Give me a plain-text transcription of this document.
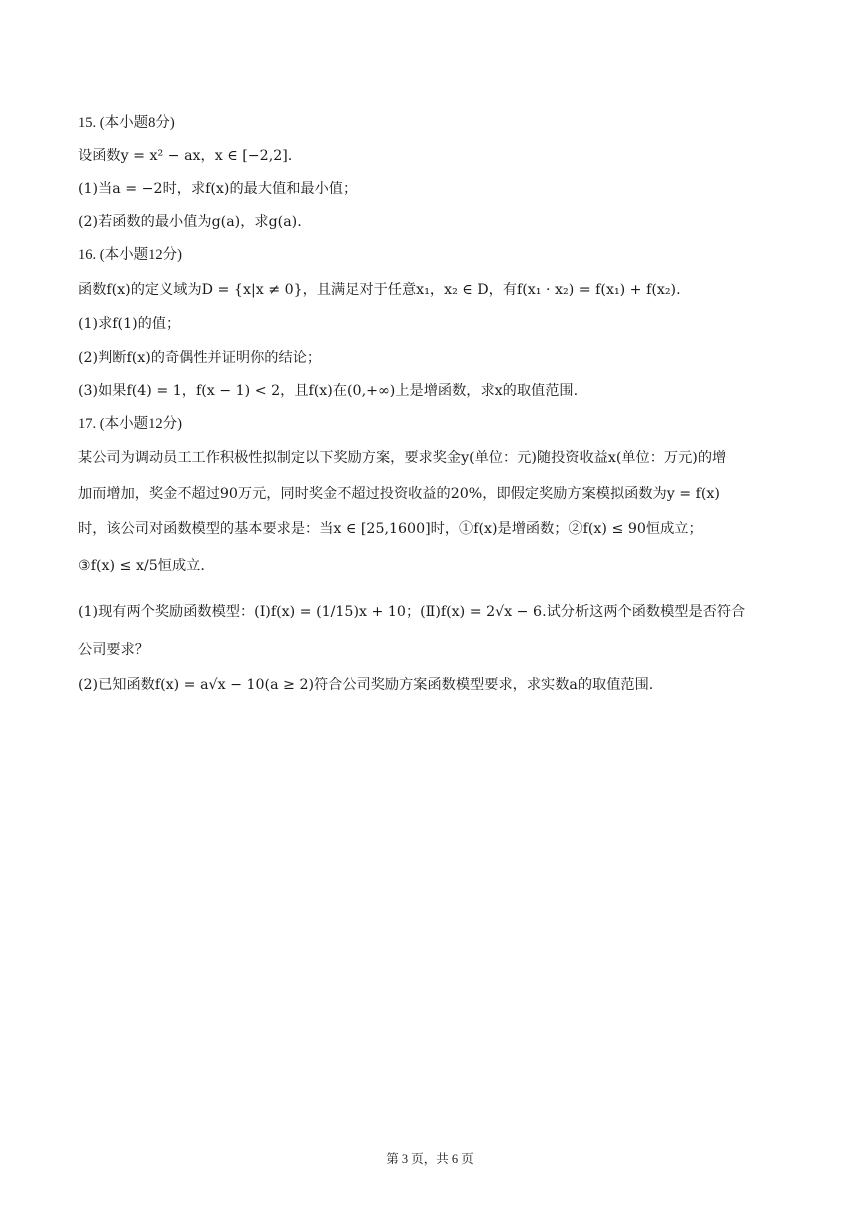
15. (本小题8分)
设函数y = x² − ax，x ∈ [−2,2].
(1)当a = −2时，求f(x)的最大值和最小值；
(2)若函数的最小值为g(a)，求g(a).
16. (本小题12分)
函数f(x)的定义域为D = {x|x ≠ 0}，且满足对于任意x₁，x₂ ∈ D，有f(x₁ · x₂) = f(x₁) + f(x₂).
(1)求f(1)的值；
(2)判断f(x)的奇偶性并证明你的结论；
(3)如果f(4) = 1，f(x − 1) < 2，且f(x)在(0,+∞)上是增函数，求x的取值范围.
17. (本小题12分)
某公司为调动员工工作积极性拟制定以下奖励方案，要求奖金y(单位：元)随投资收益x(单位：万元)的增
加而增加，奖金不超过90万元，同时奖金不超过投资收益的20%，即假定奖励方案模拟函数为y = f(x)
时，该公司对函数模型的基本要求是：当x ∈ [25,1600]时，①f(x)是增函数；②f(x) ≤ 90恒成立；
③f(x) ≤ x/5恒成立.
(1)现有两个奖励函数模型：(Ⅰ)f(x) = (1/15)x + 10；(Ⅱ)f(x) = 2√x − 6.试分析这两个函数模型是否符合
公司要求？
(2)已知函数f(x) = a√x − 10(a ≥ 2)符合公司奖励方案函数模型要求，求实数a的取值范围.
第 3 页，共 6 页
